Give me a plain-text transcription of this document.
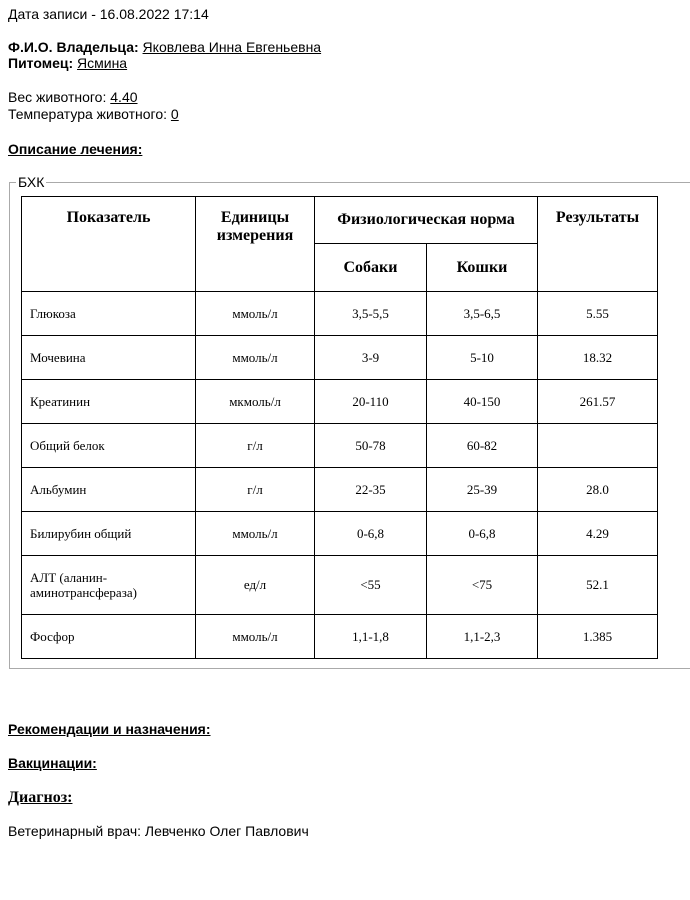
Дата записи - 16.08.2022 17:14
Ф.И.О. Владельца: Яковлева Инна Евгеньевна
Питомец: Ясмина
Вес животного: 4.40
Температура животного: 0
Описание лечения:
БХК
Показатель	Единицы измерения	Физиологическая норма		Результаты
		Собаки	Кошки	
Глюкоза	ммоль/л	3,5-5,5	3,5-6,5	5.55
Мочевина	ммоль/л	3-9	5-10	18.32
Креатинин	мкмоль/л	20-110	40-150	261.57
Общий белок	г/л	50-78	60-82	
Альбумин	г/л	22-35	25-39	28.0
Билирубин общий	ммоль/л	0-6,8	0-6,8	4.29
АЛТ (аланин-аминотрансфераза)	ед/л	<55	<75	52.1
Фосфор	ммоль/л	1,1-1,8	1,1-2,3	1.385
Рекомендации и назначения:
Вакцинации:
Диагноз:
Ветеринарный врач: Левченко Олег Павлович
